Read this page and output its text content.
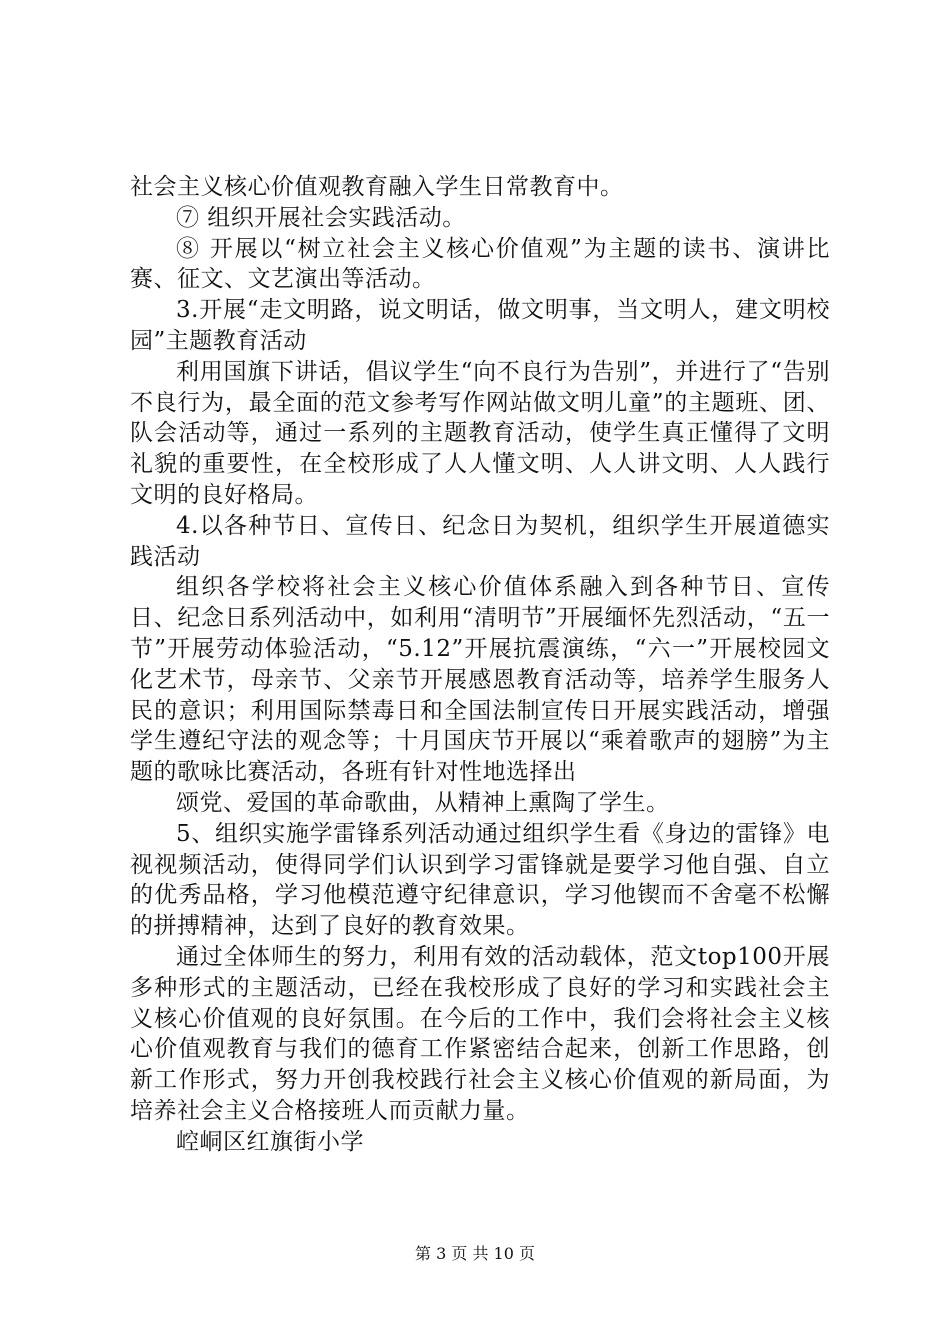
社会主义核心价值观教育融入学生日常教育中。

⑦ 组织开展社会实践活动。

⑧ 开展以“树立社会主义核心价值观”为主题的读书、演讲比赛、征文、文艺演出等活动。

3.开展“走文明路，说文明话，做文明事，当文明人，建文明校园”主题教育活动

利用国旗下讲话，倡议学生“向不良行为告别”，并进行了“告别不良行为，最全面的范文参考写作网站做文明儿童”的主题班、团、队会活动等，通过一系列的主题教育活动，使学生真正懂得了文明礼貌的重要性，在全校形成了人人懂文明、人人讲文明、人人践行文明的良好格局。

4.以各种节日、宣传日、纪念日为契机，组织学生开展道德实践活动

组织各学校将社会主义核心价值体系融入到各种节日、宣传日、纪念日系列活动中，如利用“清明节”开展缅怀先烈活动，“五一节”开展劳动体验活动，“5.12”开展抗震演练，“六一”开展校园文化艺术节，母亲节、父亲节开展感恩教育活动等，培养学生服务人民的意识；利用国际禁毒日和全国法制宣传日开展实践活动，增强学生遵纪守法的观念等；十月国庆节开展以“乘着歌声的翅膀”为主题的歌咏比赛活动，各班有针对性地选择出

颂党、爱国的革命歌曲，从精神上熏陶了学生。

5、组织实施学雷锋系列活动通过组织学生看《身边的雷锋》电视视频活动，使得同学们认识到学习雷锋就是要学习他自强、自立的优秀品格，学习他模范遵守纪律意识，学习他锲而不舍毫不松懈的拼搏精神，达到了良好的教育效果。

通过全体师生的努力，利用有效的活动载体，范文top100开展多种形式的主题活动，已经在我校形成了良好的学习和实践社会主义核心价值观的良好氛围。在今后的工作中，我们会将社会主义核心价值观教育与我们的德育工作紧密结合起来，创新工作思路，创新工作形式，努力开创我校践行社会主义核心价值观的新局面，为培养社会主义合格接班人而贡献力量。

崆峒区红旗街小学

第 3 页 共 10 页
